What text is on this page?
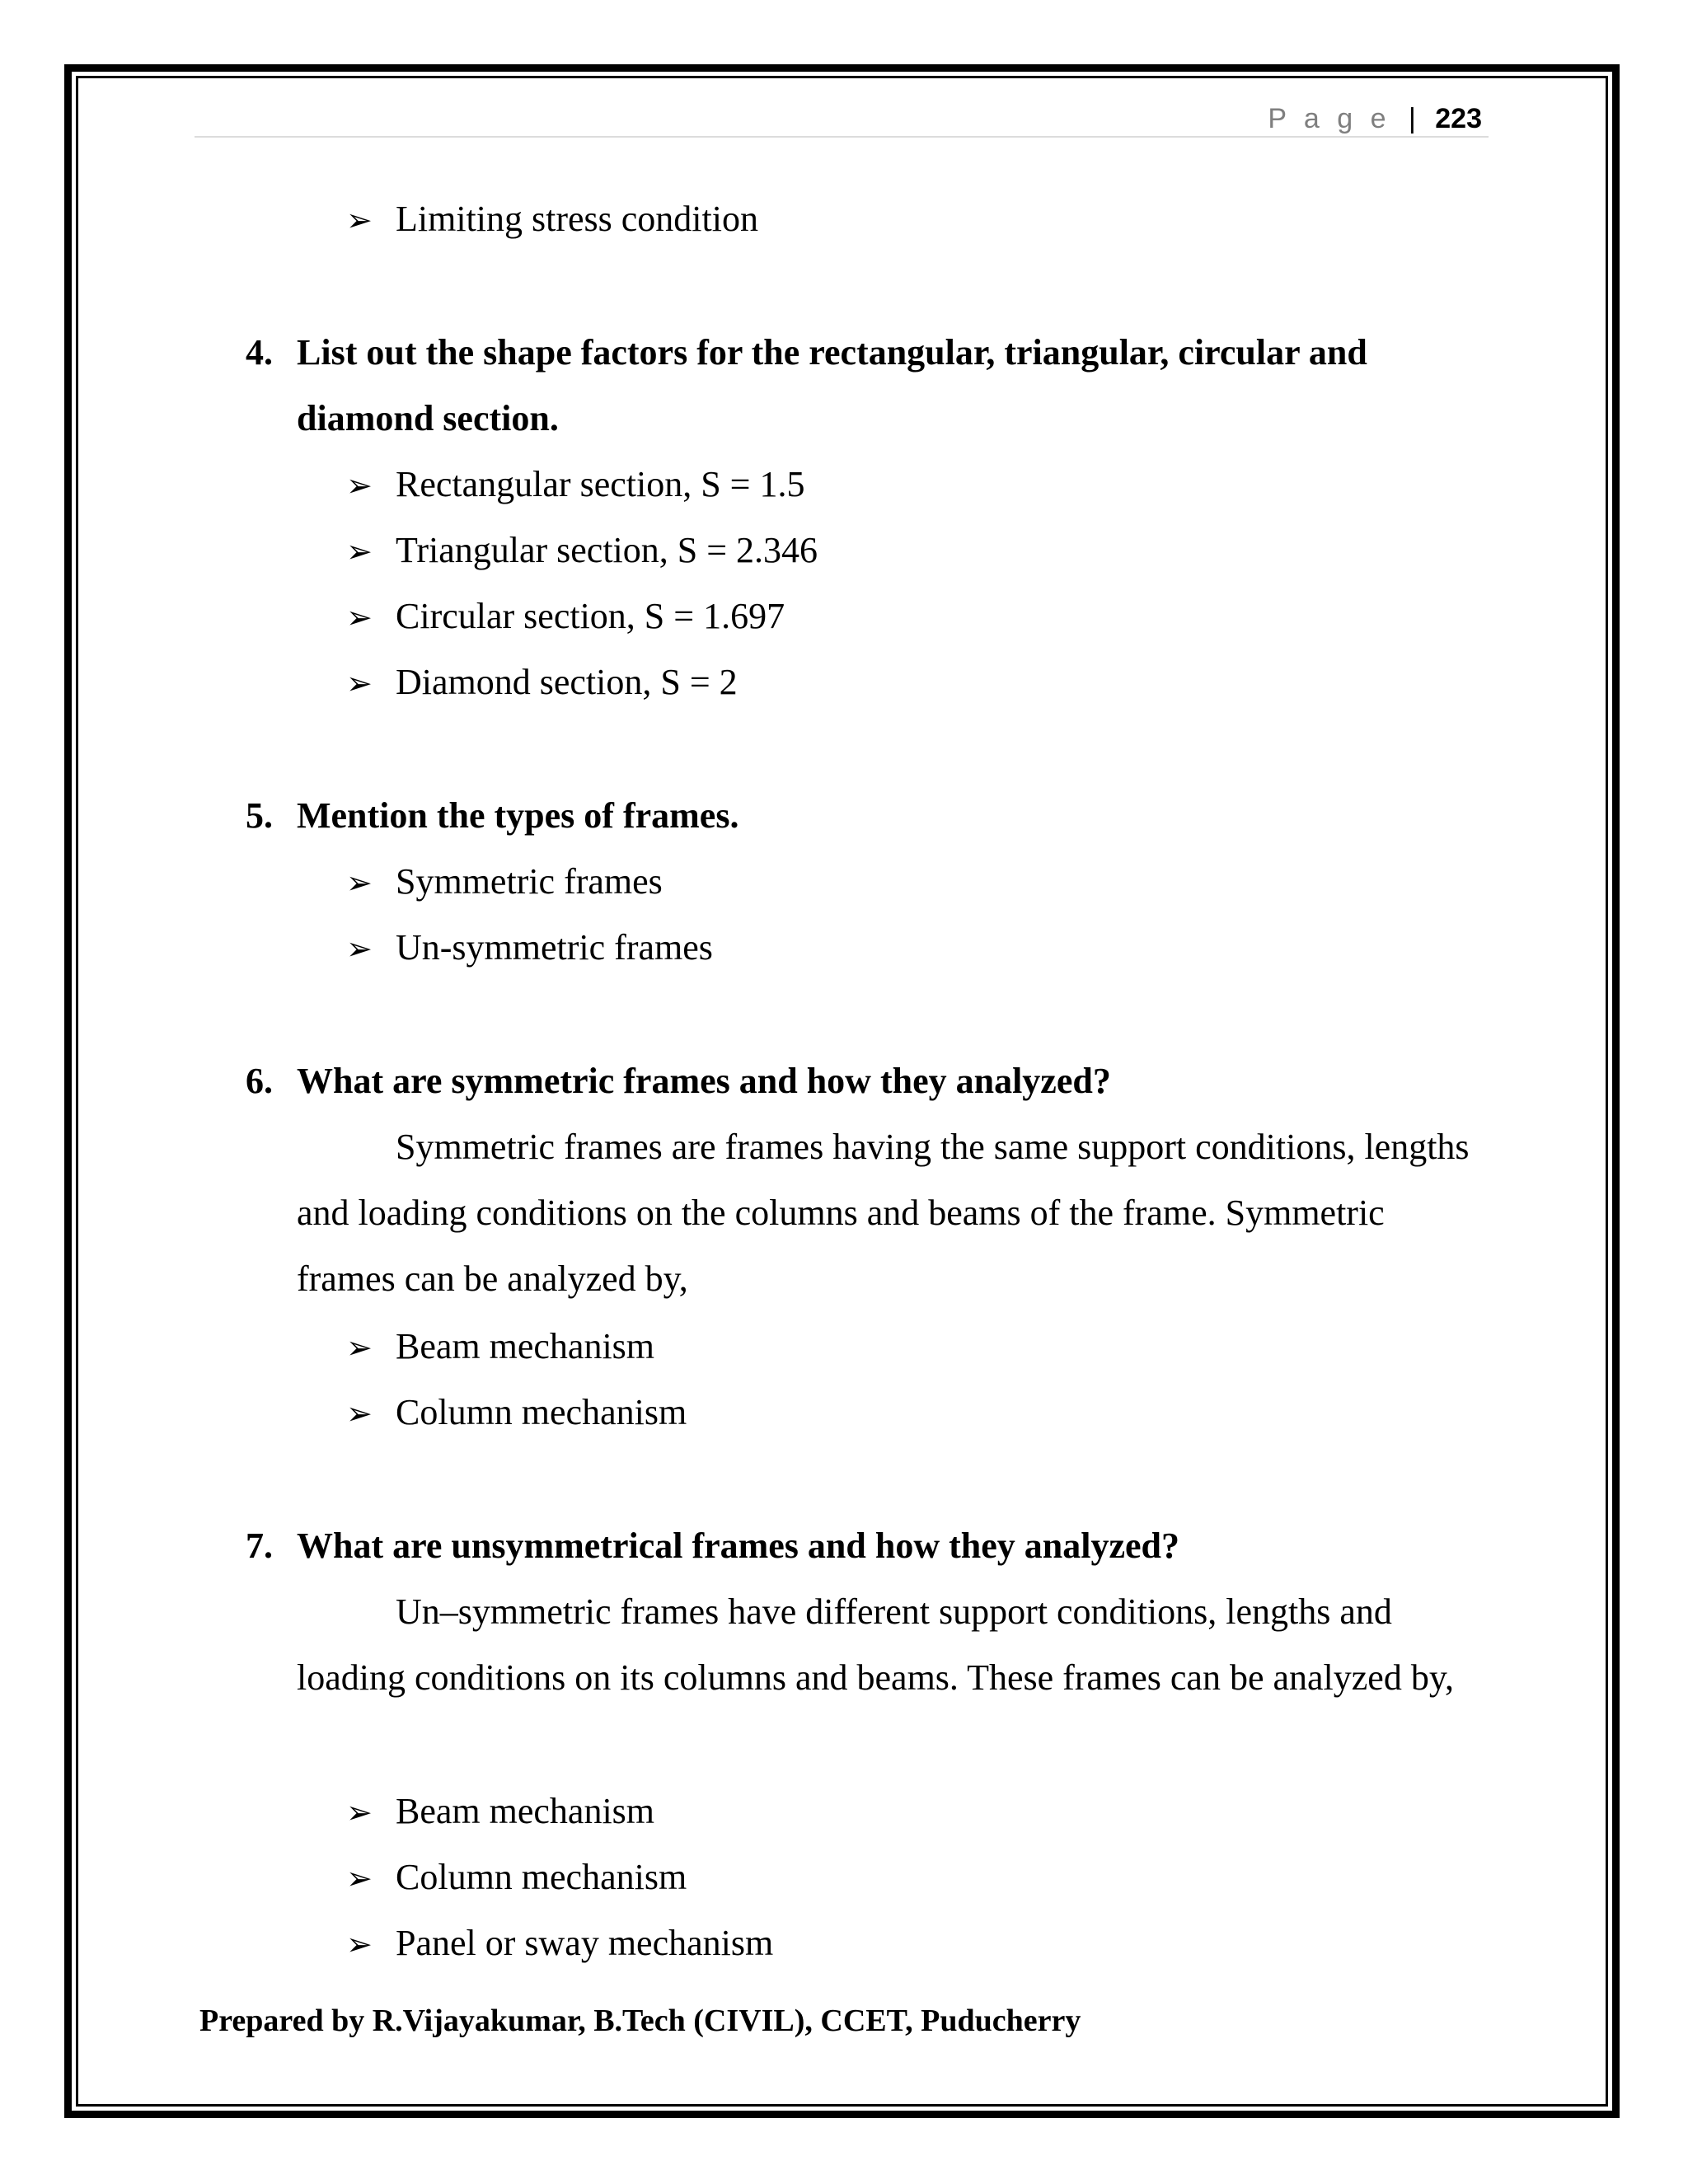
P a g e | 223
➢ Limiting stress condition
4. List out the shape factors for the rectangular, triangular, circular and diamond section.
➢ Rectangular section, S = 1.5
➢ Triangular section, S = 2.346
➢ Circular section, S = 1.697
➢ Diamond section, S = 2
5. Mention the types of frames.
➢ Symmetric frames
➢ Un-symmetric frames
6. What are symmetric frames and how they analyzed?
Symmetric frames are frames having the same support conditions, lengths and loading conditions on the columns and beams of the frame. Symmetric frames can be analyzed by,
➢ Beam mechanism
➢ Column mechanism
7. What are unsymmetrical frames and how they analyzed?
Un–symmetric frames have different support conditions, lengths and loading conditions on its columns and beams. These frames can be analyzed by,
➢ Beam mechanism
➢ Column mechanism
➢ Panel or sway mechanism
Prepared by R.Vijayakumar, B.Tech (CIVIL), CCET, Puducherry
